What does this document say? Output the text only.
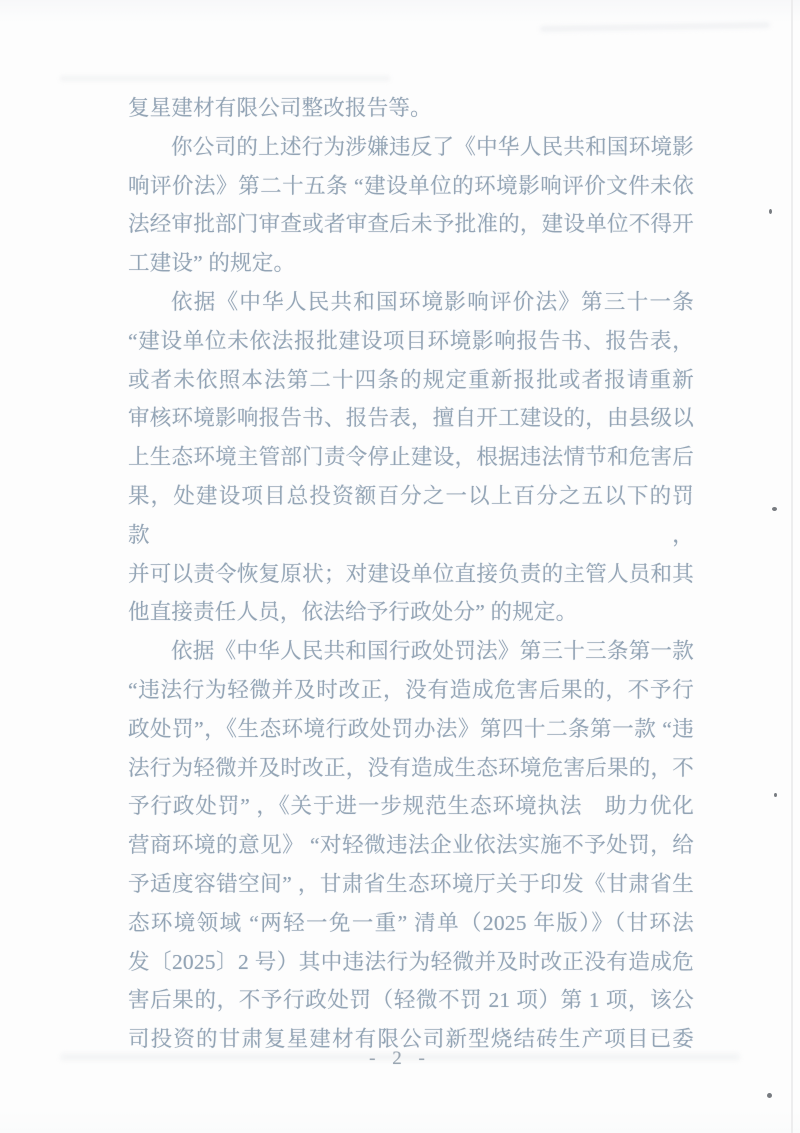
复星建材有限公司整改报告等。
你公司的上述行为涉嫌违反了《中华人民共和国环境影
响评价法》第二十五条 “建设单位的环境影响评价文件未依
法经审批部门审查或者审查后未予批准的，建设单位不得开
工建设” 的规定。
依据《中华人民共和国环境影响评价法》第三十一条
“建设单位未依法报批建设项目环境影响报告书、报告表，
或者未依照本法第二十四条的规定重新报批或者报请重新
审核环境影响报告书、报告表，擅自开工建设的，由县级以
上生态环境主管部门责令停止建设，根据违法情节和危害后
果，处建设项目总投资额百分之一以上百分之五以下的罚款，
并可以责令恢复原状；对建设单位直接负责的主管人员和其
他直接责任人员，依法给予行政处分” 的规定。
依据《中华人民共和国行政处罚法》第三十三条第一款
“违法行为轻微并及时改正，没有造成危害后果的，不予行
政处罚”，《生态环境行政处罚办法》第四十二条第一款 “违
法行为轻微并及时改正，没有造成生态环境危害后果的，不
予行政处罚” ，《关于进一步规范生态环境执法　助力优化
营商环境的意见》 “对轻微违法企业依法实施不予处罚，给
予适度容错空间” ，甘肃省生态环境厅关于印发《甘肃省生
态环境领域 “两轻一免一重” 清单（2025 年版）》（甘环法
发〔2025〕2 号）其中违法行为轻微并及时改正没有造成危
害后果的，不予行政处罚（轻微不罚 21 项）第 1 项，该公
司投资的甘肃复星建材有限公司新型烧结砖生产项目已委
- 2 -
